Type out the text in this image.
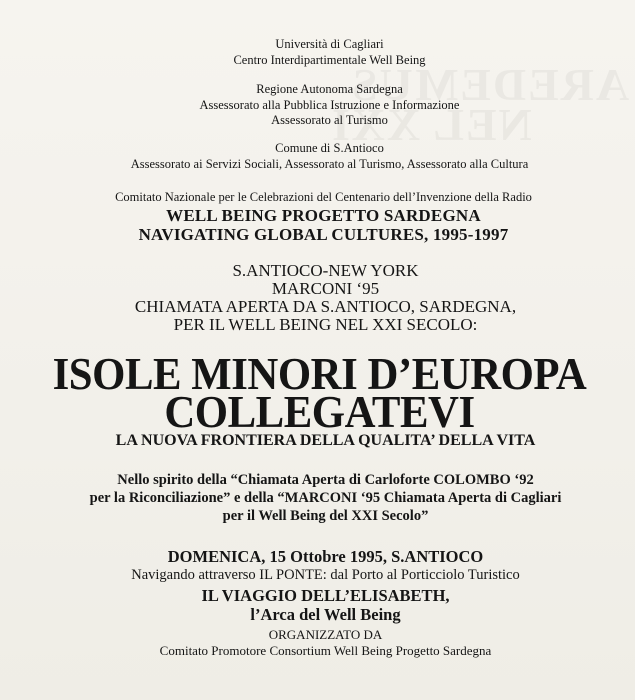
Università di Cagliari
Centro Interdipartimentale Well Being
Regione Autonoma Sardegna
Assessorato alla Pubblica Istruzione e Informazione
Assessorato al Turismo
Comune di S.Antioco
Assessorato ai Servizi Sociali, Assessorato al Turismo, Assessorato alla Cultura
Comitato Nazionale per le Celebrazioni del Centenario dell’Invenzione della Radio
WELL BEING PROGETTO SARDEGNA
NAVIGATING GLOBAL CULTURES, 1995-1997
S.ANTIOCO-NEW YORK
MARCONI ‘95
CHIAMATA APERTA DA S.ANTIOCO, SARDEGNA,
PER IL WELL BEING NEL XXI SECOLO:
ISOLE MINORI D’EUROPA
COLLEGATEVI
LA NUOVA FRONTIERA DELLA QUALITA’ DELLA VITA
Nello spirito della “Chiamata Aperta di Carloforte COLOMBO ‘92
per la Riconciliazione” e della “MARCONI ‘95 Chiamata Aperta di Cagliari
per il Well Being del XXI Secolo”
DOMENICA, 15 Ottobre 1995, S.ANTIOCO
Navigando attraverso IL PONTE: dal Porto al Porticciolo Turistico
IL VIAGGIO DELL’ELISABETH,
l’Arca del Well Being
ORGANIZZATO DA
Comitato Promotore Consortium Well Being Progetto Sardegna
